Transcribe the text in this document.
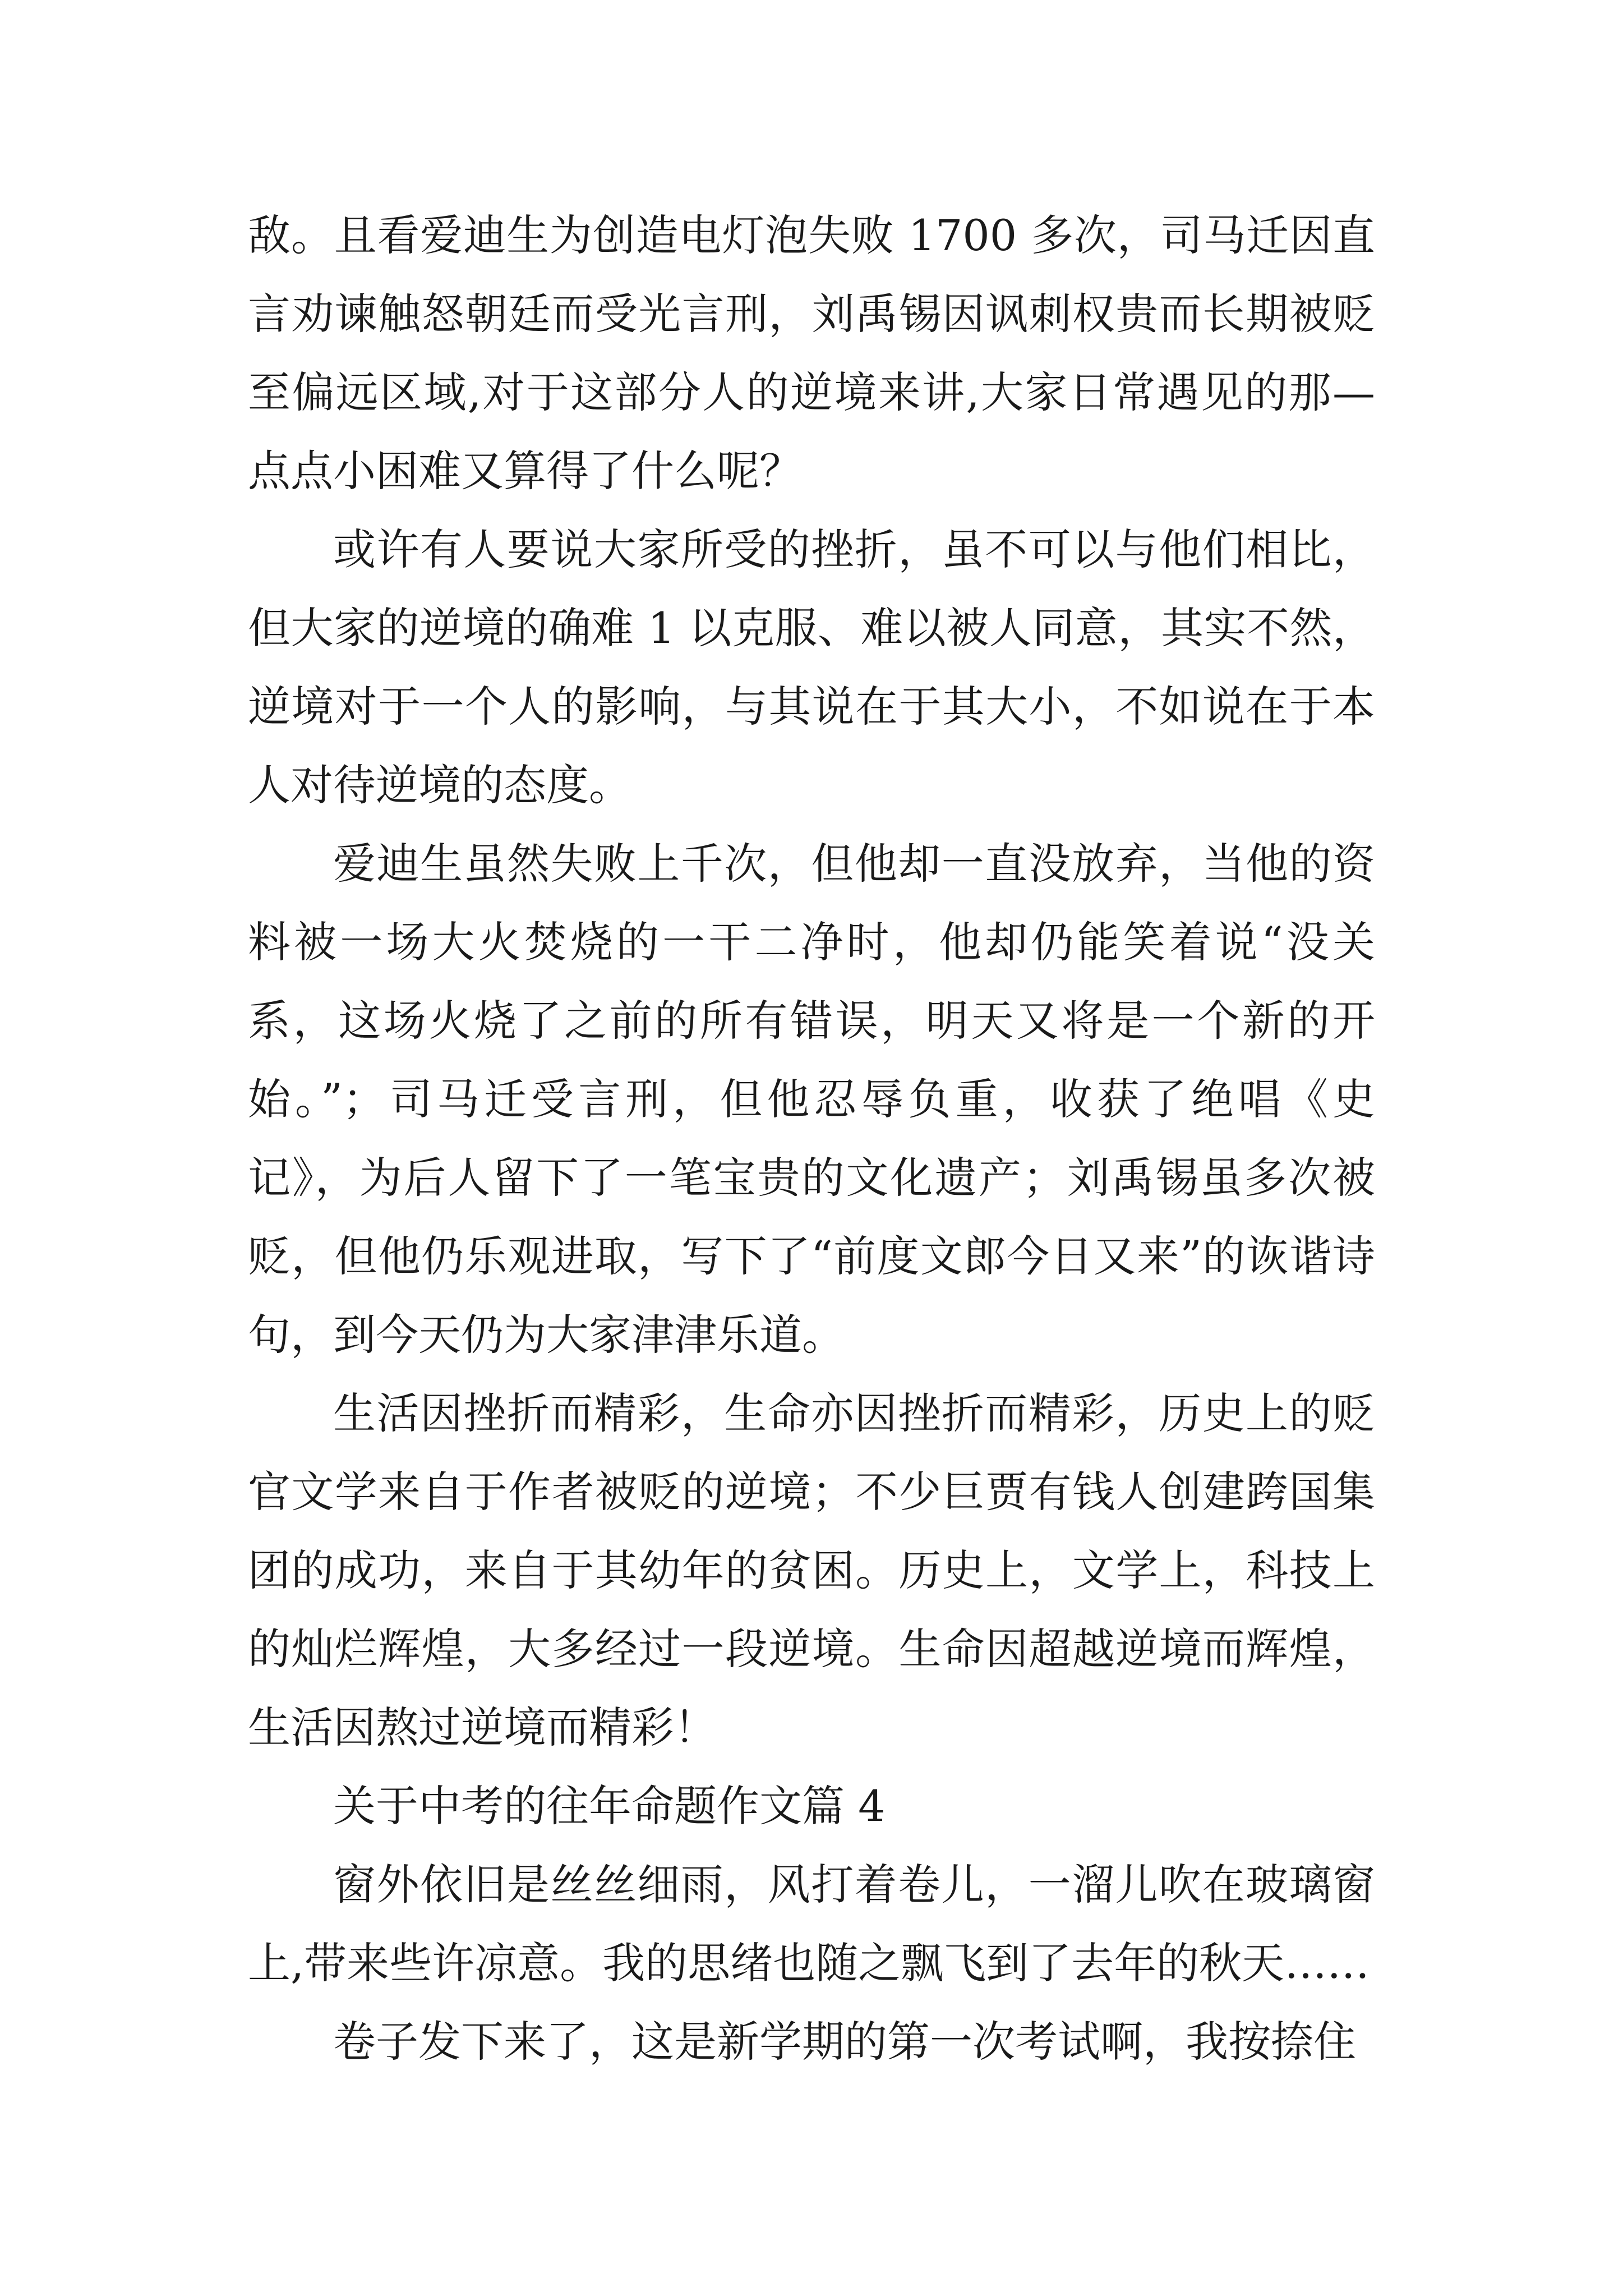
敌。且看爱迪生为创造电灯泡失败 1700 多次，司马迁因直言劝谏触怒朝廷而受光言刑，刘禹锡因讽刺权贵而长期被贬至偏远区域,对于这部分人的逆境来讲,大家日常遇见的那—点点小困难又算得了什么呢？

或许有人要说大家所受的挫折，虽不可以与他们相比，但大家的逆境的确难 1 以克服、难以被人同意，其实不然，逆境对于一个人的影响，与其说在于其大小，不如说在于本人对待逆境的态度。

爱迪生虽然失败上千次，但他却一直没放弃，当他的资料被一场大火焚烧的一干二净时，他却仍能笑着说“没关系，这场火烧了之前的所有错误，明天又将是一个新的开始。”；司马迁受言刑，但他忍辱负重，收获了绝唱《史记》，为后人留下了一笔宝贵的文化遗产；刘禹锡虽多次被贬，但他仍乐观进取，写下了“前度文郎今日又来”的诙谐诗句，到今天仍为大家津津乐道。

生活因挫折而精彩，生命亦因挫折而精彩，历史上的贬官文学来自于作者被贬的逆境；不少巨贾有钱人创建跨国集团的成功，来自于其幼年的贫困。历史上，文学上，科技上的灿烂辉煌，大多经过一段逆境。生命因超越逆境而辉煌，生活因熬过逆境而精彩！

关于中考的往年命题作文篇 4

窗外依旧是丝丝细雨，风打着卷儿，一溜儿吹在玻璃窗上,带来些许凉意。我的思绪也随之飘飞到了去年的秋天……

卷子发下来了，这是新学期的第一次考试啊，我按捺住
